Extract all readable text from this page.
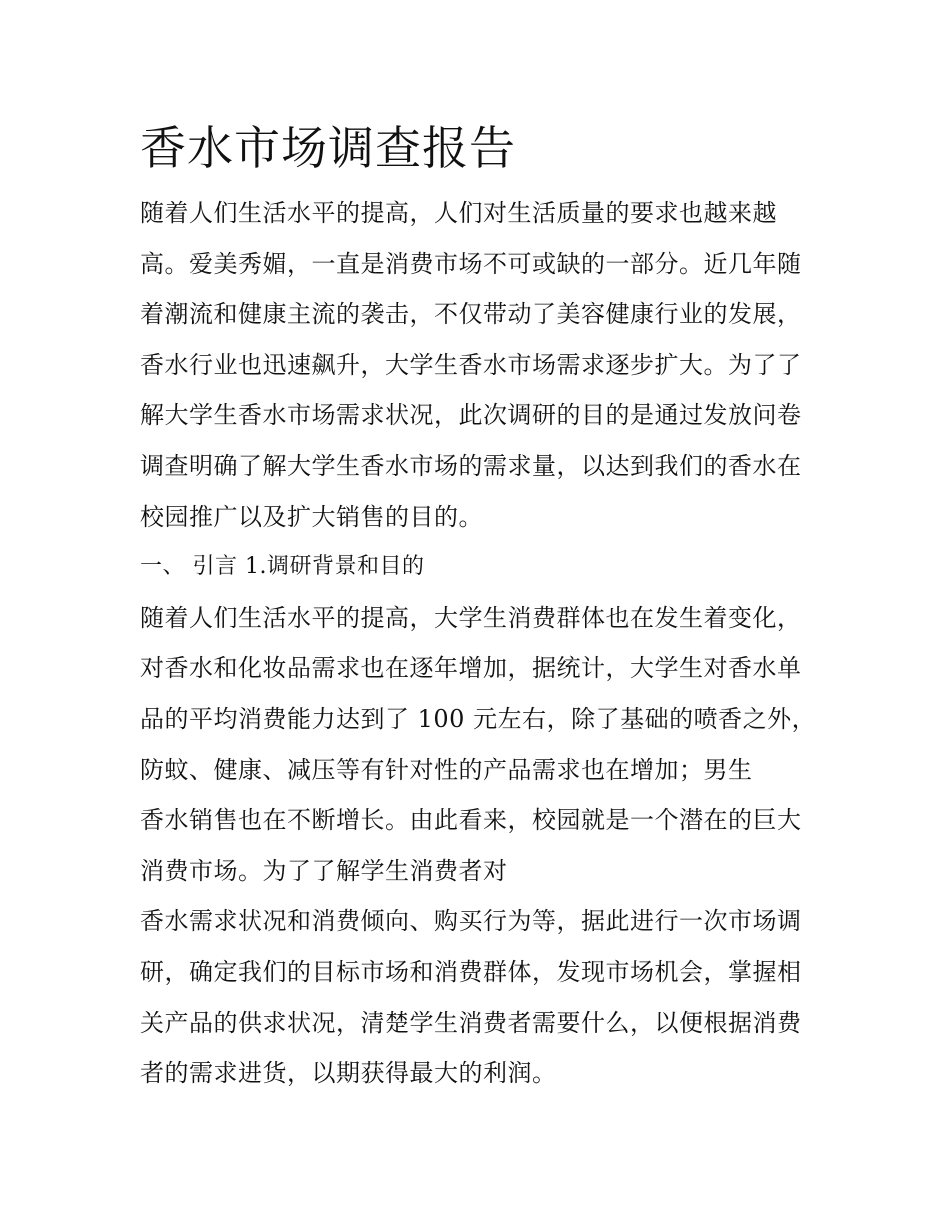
香水市场调查报告
随着人们生活水平的提高，人们对生活质量的要求也越来越
高。爱美秀媚，一直是消费市场不可或缺的一部分。近几年随
着潮流和健康主流的袭击，不仅带动了美容健康行业的发展，
香水行业也迅速飙升，大学生香水市场需求逐步扩大。为了了
解大学生香水市场需求状况，此次调研的目的是通过发放问卷
调查明确了解大学生香水市场的需求量，以达到我们的香水在
校园推广以及扩大销售的目的。
一、 引言 1.调研背景和目的
随着人们生活水平的提高，大学生消费群体也在发生着变化，
对香水和化妆品需求也在逐年增加，据统计，大学生对香水单
品的平均消费能力达到了 100 元左右，除了基础的喷香之外，
防蚊、健康、减压等有针对性的产品需求也在增加；男生
香水销售也在不断增长。由此看来，校园就是一个潜在的巨大
消费市场。为了了解学生消费者对
香水需求状况和消费倾向、购买行为等，据此进行一次市场调
研，确定我们的目标市场和消费群体，发现市场机会，掌握相
关产品的供求状况，清楚学生消费者需要什么，以便根据消费
者的需求进货，以期获得最大的利润。
